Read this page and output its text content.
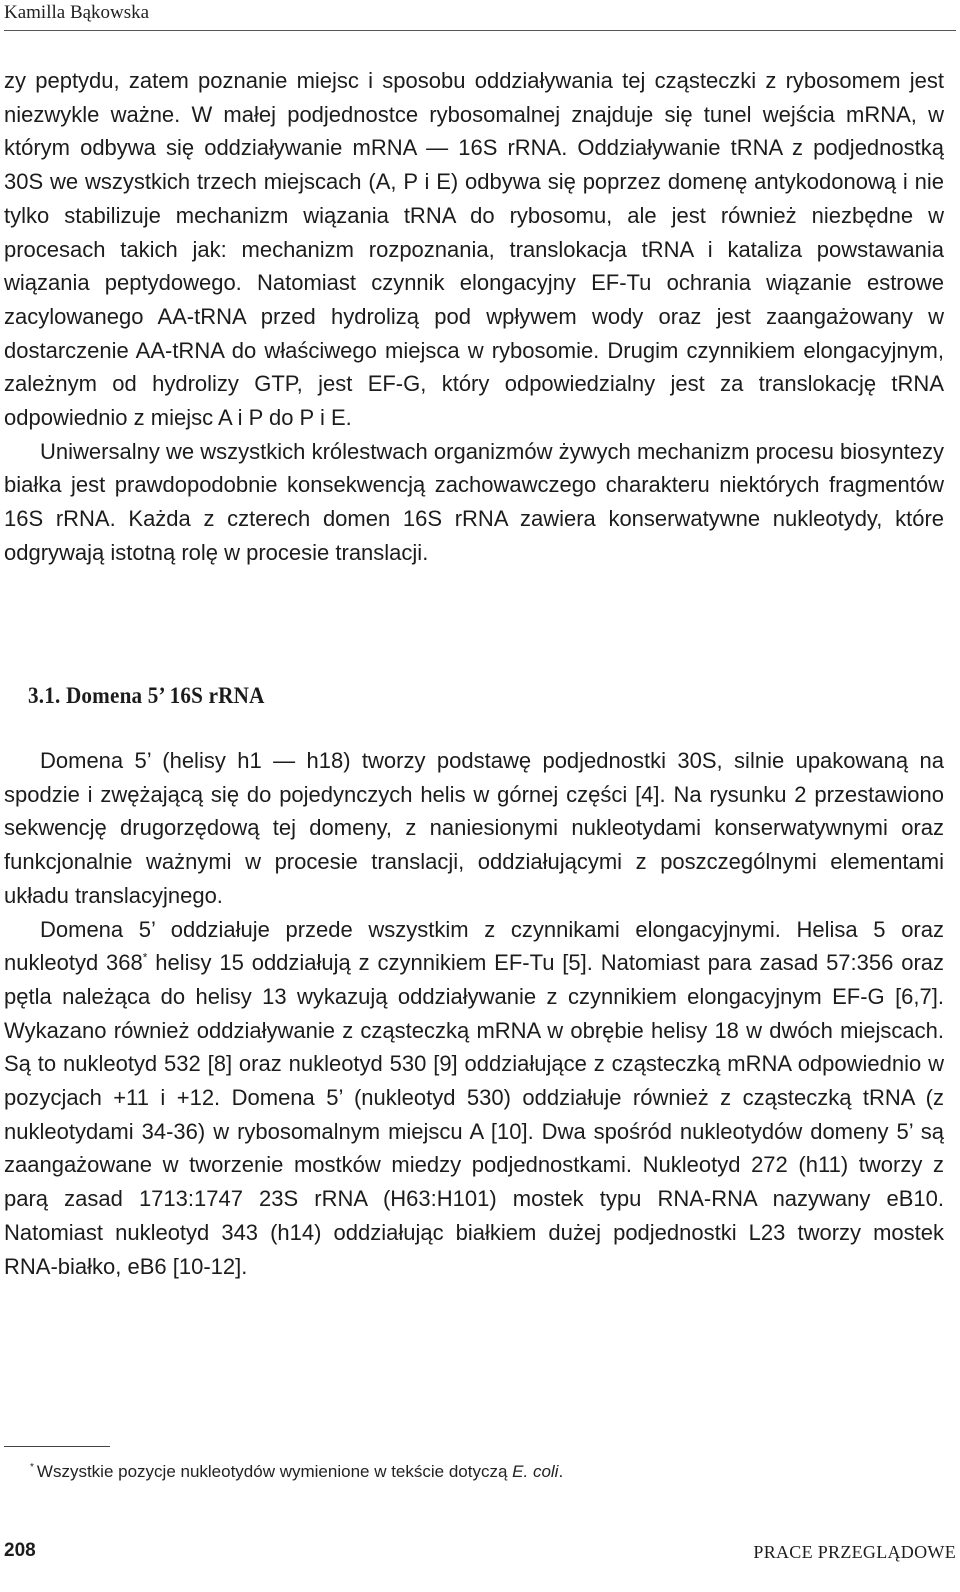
Kamilla Bąkowska

zy peptydu, zatem poznanie miejsc i sposobu oddziaływania tej cząsteczki z rybosomem jest niezwykle ważne. W małej podjednostce rybosomalnej znajduje się tunel wejścia mRNA, w którym odbywa się oddziaływanie mRNA — 16S rRNA. Oddziaływanie tRNA z podjednostką 30S we wszystkich trzech miejscach (A, P i E) odbywa się poprzez domenę antykodonową i nie tylko stabilizuje mechanizm wiązania tRNA do rybosomu, ale jest również niezbędne w procesach takich jak: mechanizm rozpoznania, translokacja tRNA i kataliza powstawania wiązania peptydowego. Natomiast czynnik elongacyjny EF-Tu ochrania wiązanie estrowe zacylowanego AA-tRNA przed hydrolizą pod wpływem wody oraz jest zaangażowany w dostarczenie AA-tRNA do właściwego miejsca w rybosomie. Drugim czynnikiem elongacyjnym, zależnym od hydrolizy GTP, jest EF-G, który odpowiedzialny jest za translokację tRNA odpowiednio z miejsc A i P do P i E.

Uniwersalny we wszystkich królestwach organizmów żywych mechanizm procesu biosyntezy białka jest prawdopodobnie konsekwencją zachowawczego charakteru niektórych fragmentów 16S rRNA. Każda z czterech domen 16S rRNA zawiera konserwatywne nukleotydy, które odgrywają istotną rolę w procesie translacji.

3.1. Domena 5’ 16S rRNA

Domena 5’ (helisy h1 — h18) tworzy podstawę podjednostki 30S, silnie upakowaną na spodzie i zwężającą się do pojedynczych helis w górnej części [4]. Na rysunku 2 przestawiono sekwencję drugorzędową tej domeny, z naniesionymi nukleotydami konserwatywnymi oraz funkcjonalnie ważnymi w procesie translacji, oddziałującymi z poszczególnymi elementami układu translacyjnego.

Domena 5’ oddziałuje przede wszystkim z czynnikami elongacyjnymi. Helisa 5 oraz nukleotyd 368* helisy 15 oddziałują z czynnikiem EF-Tu [5]. Natomiast para zasad 57:356 oraz pętla należąca do helisy 13 wykazują oddziaływanie z czynnikiem elongacyjnym EF-G [6,7]. Wykazano również oddziaływanie z cząsteczką mRNA w obrębie helisy 18 w dwóch miejscach. Są to nukleotyd 532 [8] oraz nukleotyd 530 [9] oddziałujące z cząsteczką mRNA odpowiednio w pozycjach +11 i +12. Domena 5’ (nukleotyd 530) oddziałuje również z cząsteczką tRNA (z nukleotydami 34-36) w rybosomalnym miejscu A [10]. Dwa spośród nukleotydów domeny 5’ są zaangażowane w tworzenie mostków miedzy podjednostkami. Nukleotyd 272 (h11) tworzy z parą zasad 1713:1747 23S rRNA (H63:H101) mostek typu RNA-RNA nazywany eB10. Natomiast nukleotyd 343 (h14) oddziałując białkiem dużej podjednostki L23 tworzy mostek RNA-białko, eB6 [10-12].

* Wszystkie pozycje nukleotydów wymienione w tekście dotyczą E. coli.
208	PRACE PRZEGLĄDOWE
